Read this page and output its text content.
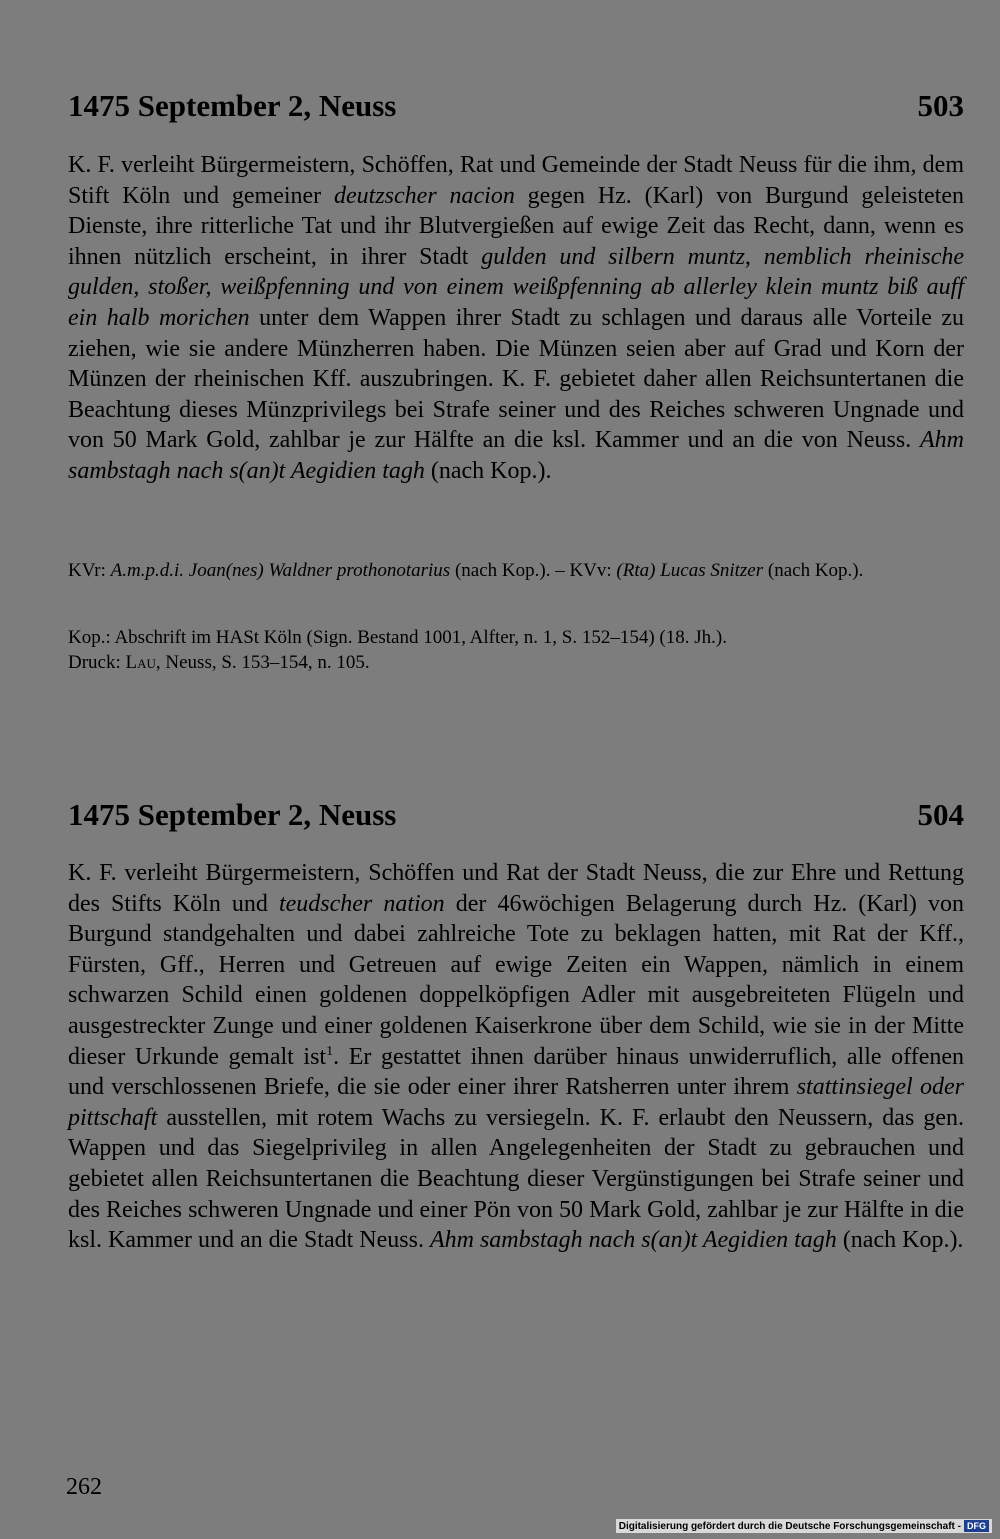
1475 September 2, Neuss	503
K. F. verleiht Bürgermeistern, Schöffen, Rat und Gemeinde der Stadt Neuss für die ihm, dem Stift Köln und gemeiner deutzscher nacion gegen Hz. (Karl) von Burgund geleisteten Dienste, ihre ritterliche Tat und ihr Blutvergießen auf ewige Zeit das Recht, dann, wenn es ihnen nützlich erscheint, in ihrer Stadt gulden und silbern muntz, nemblich rheinische gulden, stoßer, weißpfenning und von einem weißpfenning ab allerley klein muntz biß auff ein halb morichen unter dem Wappen ihrer Stadt zu schlagen und daraus alle Vorteile zu ziehen, wie sie andere Münzherren haben. Die Münzen seien aber auf Grad und Korn der Münzen der rheinischen Kff. auszubringen. K. F. gebietet daher allen Reichsuntertanen die Beachtung dieses Münzprivilegs bei Strafe seiner und des Reiches schweren Ungnade und von 50 Mark Gold, zahlbar je zur Hälfte an die ksl. Kammer und an die von Neuss. Ahm sambstagh nach s(an)t Aegidien tagh (nach Kop.).
KVr: A.m.p.d.i. Joan(nes) Waldner prothonotarius (nach Kop.). – KVv: (Rta) Lucas Snitzer (nach Kop.).
Kop.: Abschrift im HASt Köln (Sign. Bestand 1001, Alfter, n. 1, S. 152–154) (18. Jh.).
Druck: Lau, Neuss, S. 153–154, n. 105.
1475 September 2, Neuss	504
K. F. verleiht Bürgermeistern, Schöffen und Rat der Stadt Neuss, die zur Ehre und Rettung des Stifts Köln und teudscher nation der 46wöchigen Belagerung durch Hz. (Karl) von Burgund standgehalten und dabei zahlreiche Tote zu beklagen hatten, mit Rat der Kff., Fürsten, Gff., Herren und Getreuen auf ewige Zeiten ein Wappen, nämlich in einem schwarzen Schild einen goldenen doppelköpfigen Adler mit ausgebreiteten Flügeln und ausgestreckter Zunge und einer goldenen Kaiserkrone über dem Schild, wie sie in der Mitte dieser Urkunde gemalt ist$^1$. Er gestattet ihnen darüber hinaus unwiderruflich, alle offenen und verschlossenen Briefe, die sie oder einer ihrer Ratsherren unter ihrem stattinsiegel oder pittschaft ausstellen, mit rotem Wachs zu versiegeln. K. F. erlaubt den Neussern, das gen. Wappen und das Siegelprivileg in allen Angelegenheiten der Stadt zu gebrauchen und gebietet allen Reichsuntertanen die Beachtung dieser Vergünstigungen bei Strafe seiner und des Reiches schweren Ungnade und einer Pön von 50 Mark Gold, zahlbar je zur Hälfte in die ksl. Kammer und an die Stadt Neuss. Ahm sambstagh nach s(an)t Aegidien tagh (nach Kop.).
262
Digitalisierung gefördert durch die Deutsche Forschungsgemeinschaft - DFG
